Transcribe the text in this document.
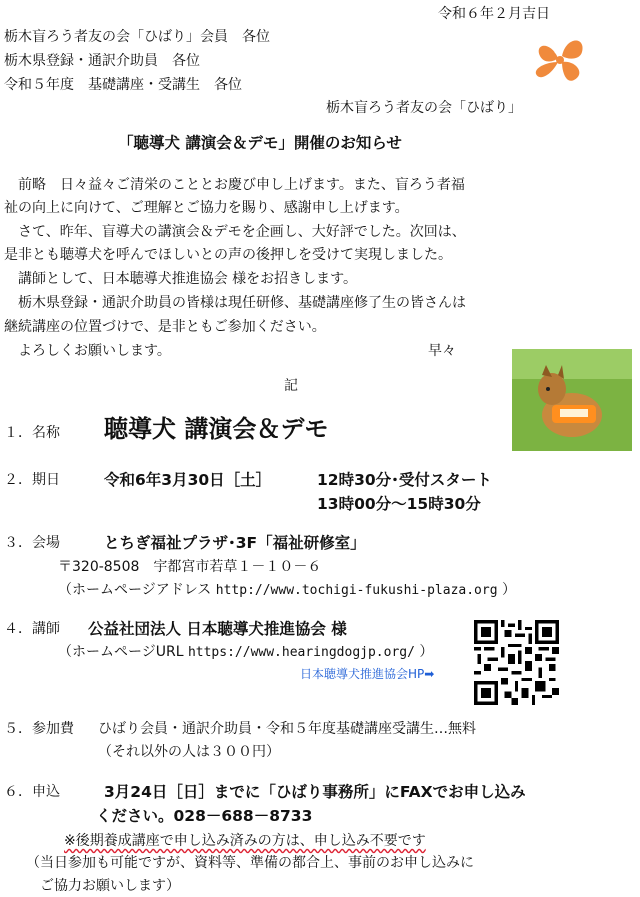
令和６年２月吉日
栃木盲ろう者友の会「ひばり」会員　各位
栃木県登録・通訳介助員　各位
令和５年度　基礎講座・受講生　各位
栃木盲ろう者友の会「ひばり」
「聴導犬 講演会＆デモ」開催のお知らせ
　前略　日々益々ご清栄のこととお慶び申し上げます。また、盲ろう者福
祉の向上に向けて、ご理解とご協力を賜り、感謝申し上げます。
　さて、昨年、盲導犬の講演会＆デモを企画し、大好評でした。次回は、
是非とも聴導犬を呼んでほしいとの声の後押しを受けて実現しました。
　講師として、日本聴導犬推進協会 様をお招きします。
　栃木県登録・通訳介助員の皆様は現任研修、基礎講座修了生の皆さんは
継続講座の位置づけで、是非ともご参加ください。
　よろしくお願いします。	早々
記
１．名称 聴導犬 講演会＆デモ
２．期日	令和6年3月30日［土］	12時30分･受付スタート
13時00分～15時30分
３．会場	とちぎ福祉プラザ･3F「福祉研修室」
〒320-8508　宇都宮市若草１－１０－６
（ホームページアドレス http://www.tochigi-fukushi-plaza.org ）
４．講師 公益社団法人 日本聴導犬推進協会 様
（ホームページURL https://www.hearingdogjp.org/ ）
日本聴導犬推進協会HP➡
５．参加費 ひばり会員・通訳介助員・令和５年度基礎講座受講生…無料
（それ以外の人は３００円）
６．申込	3月24日［日］までに「ひばり事務所」にFAXでお申し込み
ください。028－688－8733
※後期養成講座で申し込み済みの方は、申し込み不要です
（当日参加も可能ですが、資料等、準備の都合上、事前のお申し込みに
ご協力お願いします）
